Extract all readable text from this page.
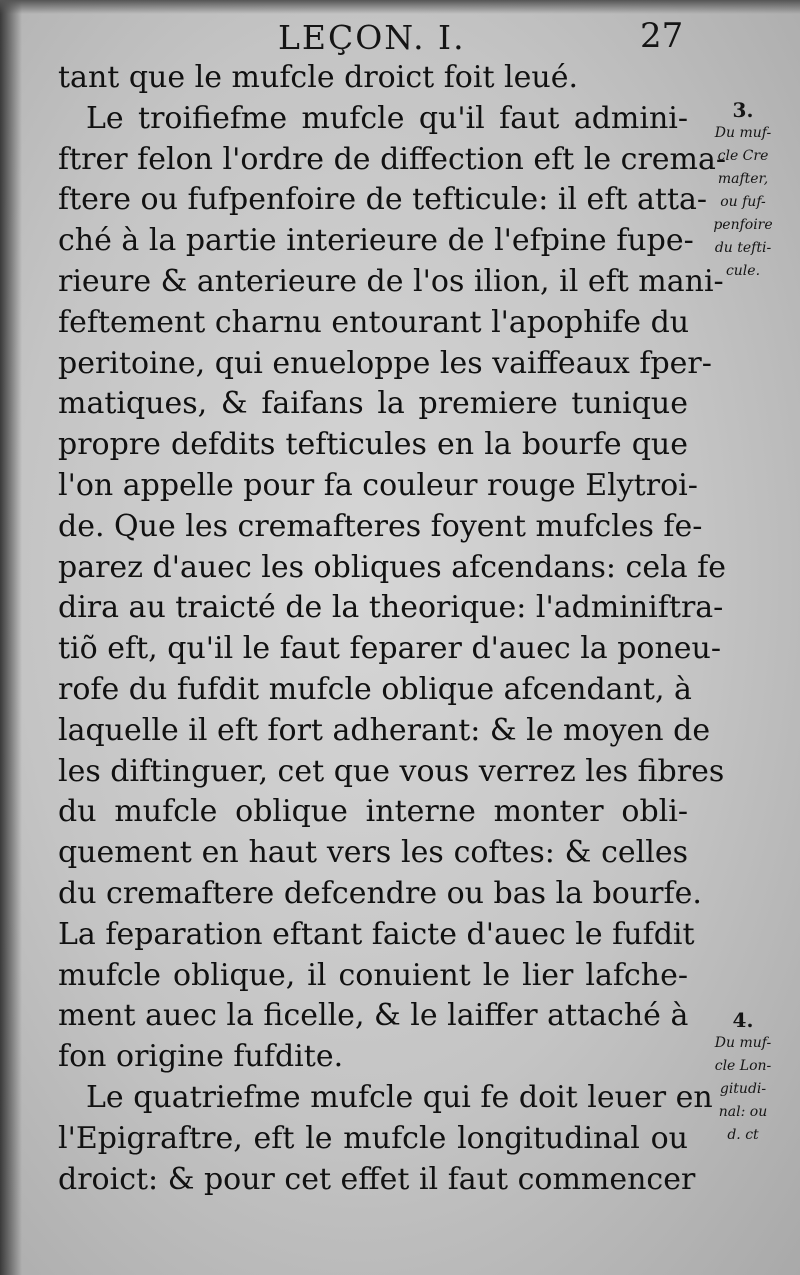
LEÇON. I.	27
tant que le mufcle droict foit leué.
Le troifiefme mufcle qu'il faut admini-
ftrer felon l'ordre de diffection eft le crema-
ftere ou fufpenfoire de tefticule: il eft atta-
ché à la partie interieure de l'efpine fupe-
rieure & anterieure de l'os ilion, il eft mani-
feftement charnu entourant l'apophife du
peritoine, qui enueloppe les vaiffeaux fper-
matiques, & faifans la premiere tunique
propre defdits tefticules en la bourfe que
l'on appelle pour fa couleur rouge Elytroi-
de. Que les cremafteres foyent mufcles fe-
parez d'auec les obliques afcendans: cela fe
dira au traicté de la theorique: l'adminiftra-
tiõ eft, qu'il le faut feparer d'auec la poneu-
rofe du fufdit mufcle oblique afcendant, à
laquelle il eft fort adherant: & le moyen de
les diftinguer, cet que vous verrez les fibres
du mufcle oblique interne monter obli-
quement en haut vers les coftes: & celles
du cremaftere defcendre ou bas la bourfe.
La feparation eftant faicte d'auec le fufdit
mufcle oblique, il conuient le lier lafche-
ment auec la ficelle, & le laiffer attaché à
fon origine fufdite.
Le quatriefme mufcle qui fe doit leuer en
l'Epigraftre, eft le mufcle longitudinal ou
droict: & pour cet effet il faut commencer
3.
Du muf-
cle Cre
mafter,
ou fuf-
penfoire
du tefti-
cule.
4.
Du muf-
cle Lon-
gitudi-
nal: ou
d. ct
